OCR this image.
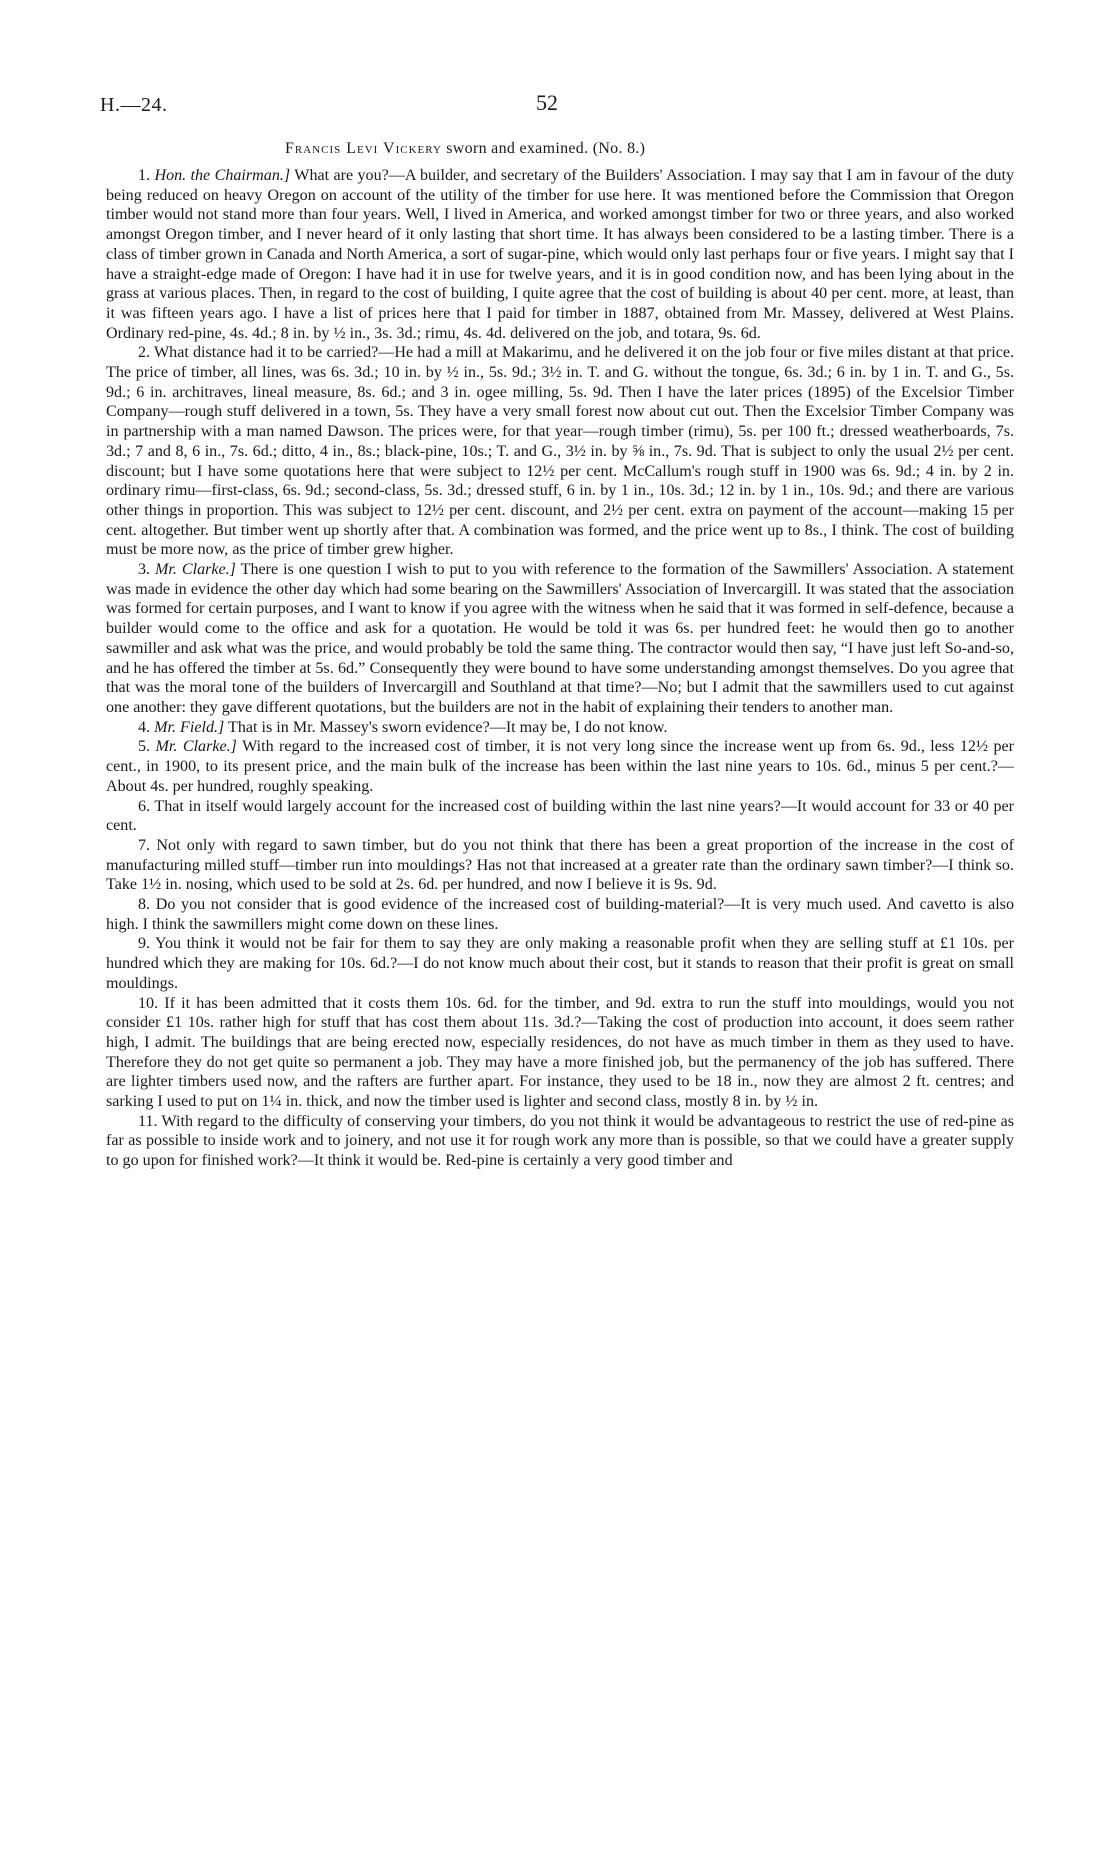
H.—24.	52
Francis Levi Vickery sworn and examined. (No. 8.)

1. Hon. the Chairman.] What are you?—A builder, and secretary of the Builders' Association. I may say that I am in favour of the duty being reduced on heavy Oregon on account of the utility of the timber for use here. It was mentioned before the Commission that Oregon timber would not stand more than four years. Well, I lived in America, and worked amongst timber for two or three years, and also worked amongst Oregon timber, and I never heard of it only lasting that short time. It has always been considered to be a lasting timber. There is a class of timber grown in Canada and North America, a sort of sugar-pine, which would only last perhaps four or five years. I might say that I have a straight-edge made of Oregon: I have had it in use for twelve years, and it is in good condition now, and has been lying about in the grass at various places. Then, in regard to the cost of building, I quite agree that the cost of building is about 40 per cent. more, at least, than it was fifteen years ago. I have a list of prices here that I paid for timber in 1887, obtained from Mr. Massey, delivered at West Plains. Ordinary red-pine, 4s. 4d.; 8 in. by ½ in., 3s. 3d.; rimu, 4s. 4d. delivered on the job, and totara, 9s. 6d.

2. What distance had it to be carried?—He had a mill at Makarimu, and he delivered it on the job four or five miles distant at that price. The price of timber, all lines, was 6s. 3d.; 10 in. by ½ in., 5s. 9d.; 3½ in. T. and G. without the tongue, 6s. 3d.; 6 in. by 1 in. T. and G., 5s. 9d.; 6 in. architraves, lineal measure, 8s. 6d.; and 3 in. ogee milling, 5s. 9d. Then I have the later prices (1895) of the Excelsior Timber Company—rough stuff delivered in a town, 5s. They have a very small forest now about cut out. Then the Excelsior Timber Company was in partnership with a man named Dawson. The prices were, for that year—rough timber (rimu), 5s. per 100 ft.; dressed weatherboards, 7s. 3d.; 7 and 8, 6 in., 7s. 6d.; ditto, 4 in., 8s.; black-pine, 10s.; T. and G., 3½ in. by ⅝ in., 7s. 9d. That is subject to only the usual 2½ per cent. discount; but I have some quotations here that were subject to 12½ per cent. McCallum's rough stuff in 1900 was 6s. 9d.; 4 in. by 2 in. ordinary rimu—first-class, 6s. 9d.; second-class, 5s. 3d.; dressed stuff, 6 in. by 1 in., 10s. 3d.; 12 in. by 1 in., 10s. 9d.; and there are various other things in proportion. This was subject to 12½ per cent. discount, and 2½ per cent. extra on payment of the account—making 15 per cent. altogether. But timber went up shortly after that. A combination was formed, and the price went up to 8s., I think. The cost of building must be more now, as the price of timber grew higher.

3. Mr. Clarke.] There is one question I wish to put to you with reference to the formation of the Sawmillers' Association. A statement was made in evidence the other day which had some bearing on the Sawmillers' Association of Invercargill. It was stated that the association was formed for certain purposes, and I want to know if you agree with the witness when he said that it was formed in self-defence, because a builder would come to the office and ask for a quotation. He would be told it was 6s. per hundred feet: he would then go to another sawmiller and ask what was the price, and would probably be told the same thing. The contractor would then say, “I have just left So-and-so, and he has offered the timber at 5s. 6d.” Consequently they were bound to have some understanding amongst themselves. Do you agree that that was the moral tone of the builders of Invercargill and Southland at that time?—No; but I admit that the sawmillers used to cut against one another: they gave different quotations, but the builders are not in the habit of explaining their tenders to another man.

4. Mr. Field.] That is in Mr. Massey's sworn evidence?—It may be, I do not know.

5. Mr. Clarke.] With regard to the increased cost of timber, it is not very long since the increase went up from 6s. 9d., less 12½ per cent., in 1900, to its present price, and the main bulk of the increase has been within the last nine years to 10s. 6d., minus 5 per cent.?—About 4s. per hundred, roughly speaking.

6. That in itself would largely account for the increased cost of building within the last nine years?—It would account for 33 or 40 per cent.

7. Not only with regard to sawn timber, but do you not think that there has been a great proportion of the increase in the cost of manufacturing milled stuff—timber run into mouldings? Has not that increased at a greater rate than the ordinary sawn timber?—I think so. Take 1½ in. nosing, which used to be sold at 2s. 6d. per hundred, and now I believe it is 9s. 9d.

8. Do you not consider that is good evidence of the increased cost of building-material?—It is very much used. And cavetto is also high. I think the sawmillers might come down on these lines.

9. You think it would not be fair for them to say they are only making a reasonable profit when they are selling stuff at £1 10s. per hundred which they are making for 10s. 6d.?—I do not know much about their cost, but it stands to reason that their profit is great on small mouldings.

10. If it has been admitted that it costs them 10s. 6d. for the timber, and 9d. extra to run the stuff into mouldings, would you not consider £1 10s. rather high for stuff that has cost them about 11s. 3d.?—Taking the cost of production into account, it does seem rather high, I admit. The buildings that are being erected now, especially residences, do not have as much timber in them as they used to have. Therefore they do not get quite so permanent a job. They may have a more finished job, but the permanency of the job has suffered. There are lighter timbers used now, and the rafters are further apart. For instance, they used to be 18 in., now they are almost 2 ft. centres; and sarking I used to put on 1¼ in. thick, and now the timber used is lighter and second class, mostly 8 in. by ½ in.

11. With regard to the difficulty of conserving your timbers, do you not think it would be advantageous to restrict the use of red-pine as far as possible to inside work and to joinery, and not use it for rough work any more than is possible, so that we could have a greater supply to go upon for finished work?—It think it would be. Red-pine is certainly a very good timber and
